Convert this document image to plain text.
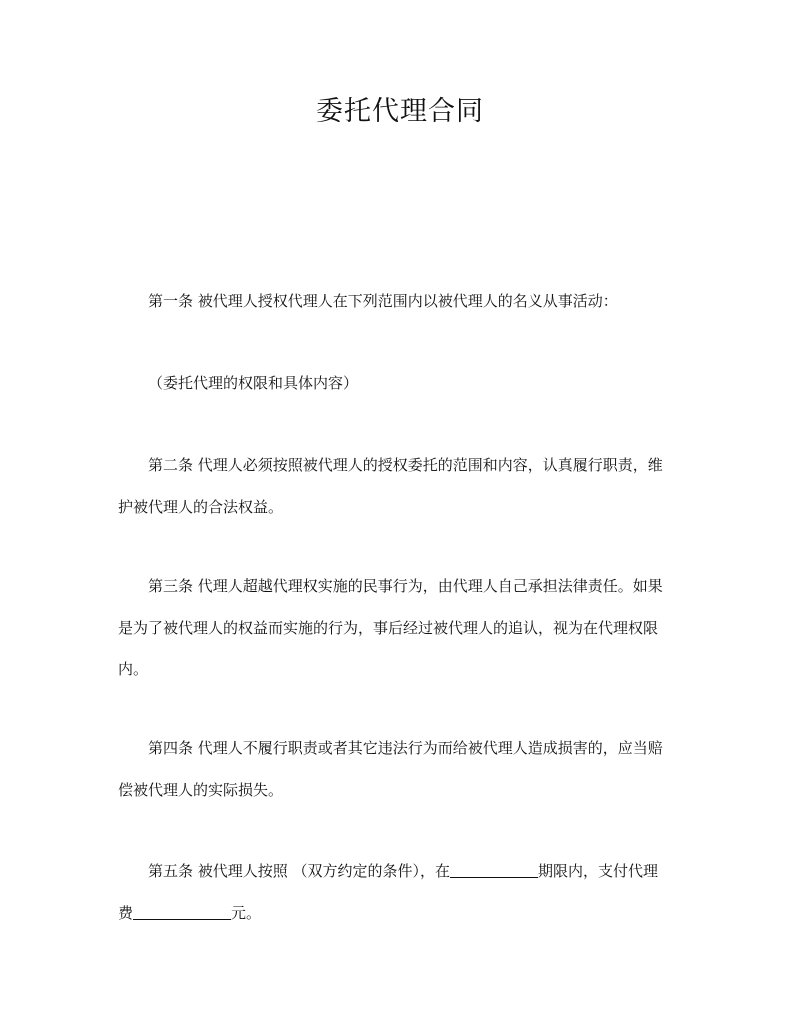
委托代理合同

第一条 被代理人授权代理人在下列范围内以被代理人的名义从事活动：

（委托代理的权限和具体内容）

第二条 代理人必须按照被代理人的授权委托的范围和内容，认真履行职责，维

护被代理人的合法权益。

第三条 代理人超越代理权实施的民事行为，由代理人自己承担法律责任。如果

是为了被代理人的权益而实施的行为，事后经过被代理人的追认，视为在代理权限

内。

第四条 代理人不履行职责或者其它违法行为而给被代理人造成损害的，应当赔

偿被代理人的实际损失。

第五条 被代理人按照 （双方约定的条件），在	期限内，支付代理

费	元。
